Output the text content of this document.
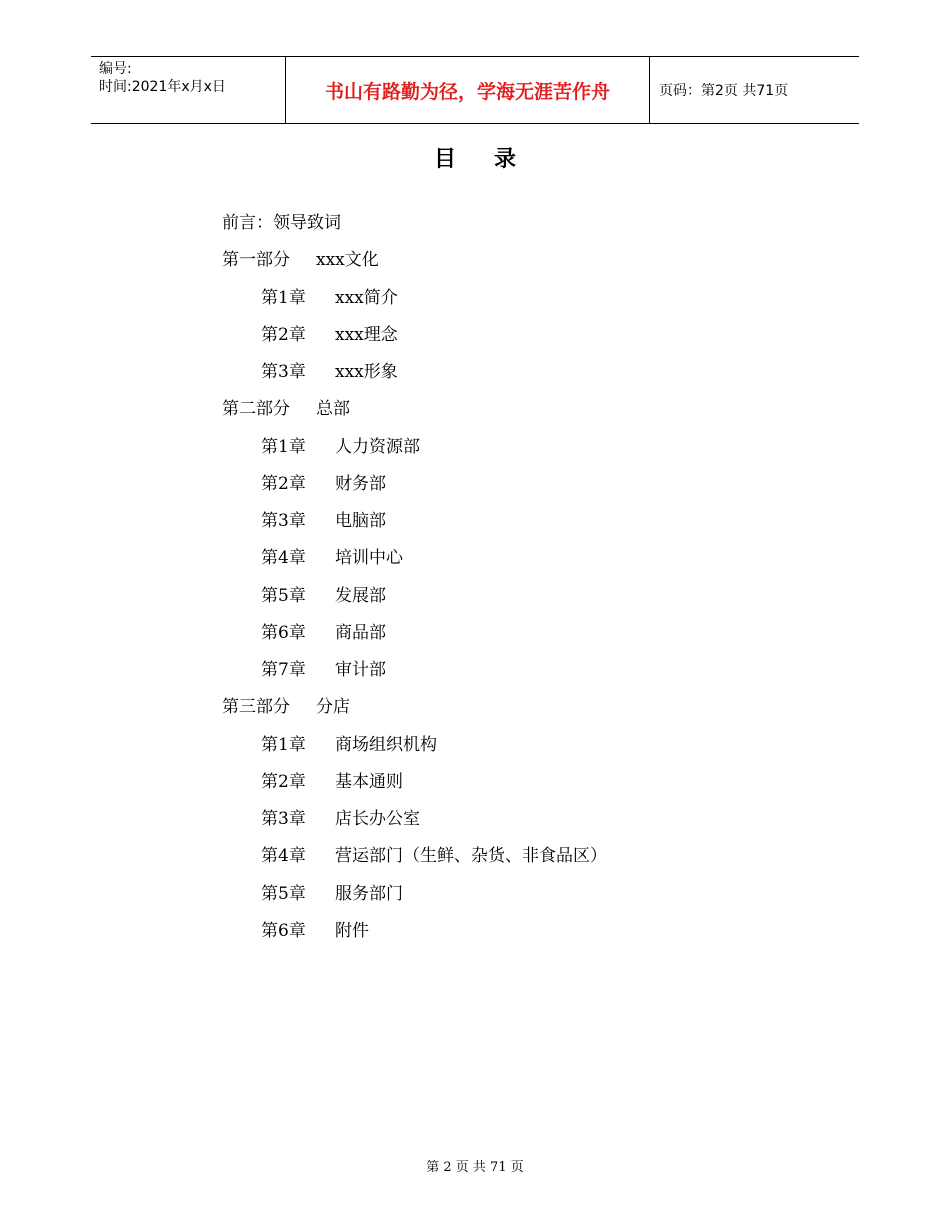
编号:
时间:2021年x月x日	书山有路勤为径，学海无涯苦作舟	页码：第2页 共71页
目录
前言：领导致词
第一部分 xxx文化
第1章 xxx简介
第2章 xxx理念
第3章 xxx形象
第二部分 总部
第1章 人力资源部
第2章 财务部
第3章 电脑部
第4章 培训中心
第5章 发展部
第6章 商品部
第7章 审计部
第三部分 分店
第1章 商场组织机构
第2章 基本通则
第3章 店长办公室
第4章 营运部门（生鲜、杂货、非食品区）
第5章 服务部门
第6章 附件
第 2 页 共 71 页
